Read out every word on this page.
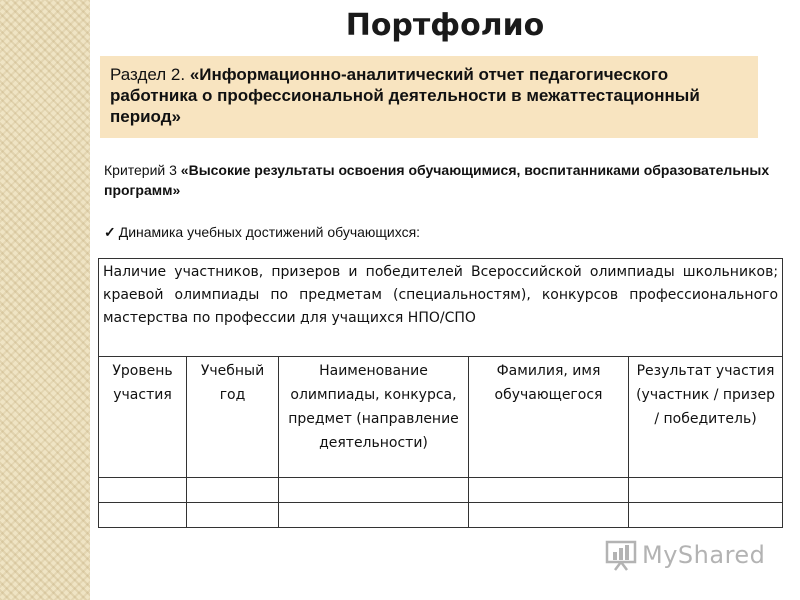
Портфолио
Раздел 2. «Информационно-аналитический отчет педагогического работника о профессиональной деятельности в межаттестационный период»
Критерий 3 «Высокие результаты освоения обучающимися, воспитанниками образовательных программ»
✓ Динамика учебных достижений обучающихся:
Наличие участников, призеров и победителей Всероссийской олимпиады школьников; краевой олимпиады по предметам (специальностям), конкурсов профессионального мастерства по профессии для учащихся НПО/СПО				
Уровень участия	Учебный год	Наименование олимпиады, конкурса, предмет (направление деятельности)	Фамилия, имя обучающегося	Результат участия (участник / призер / победитель)

MyShared
